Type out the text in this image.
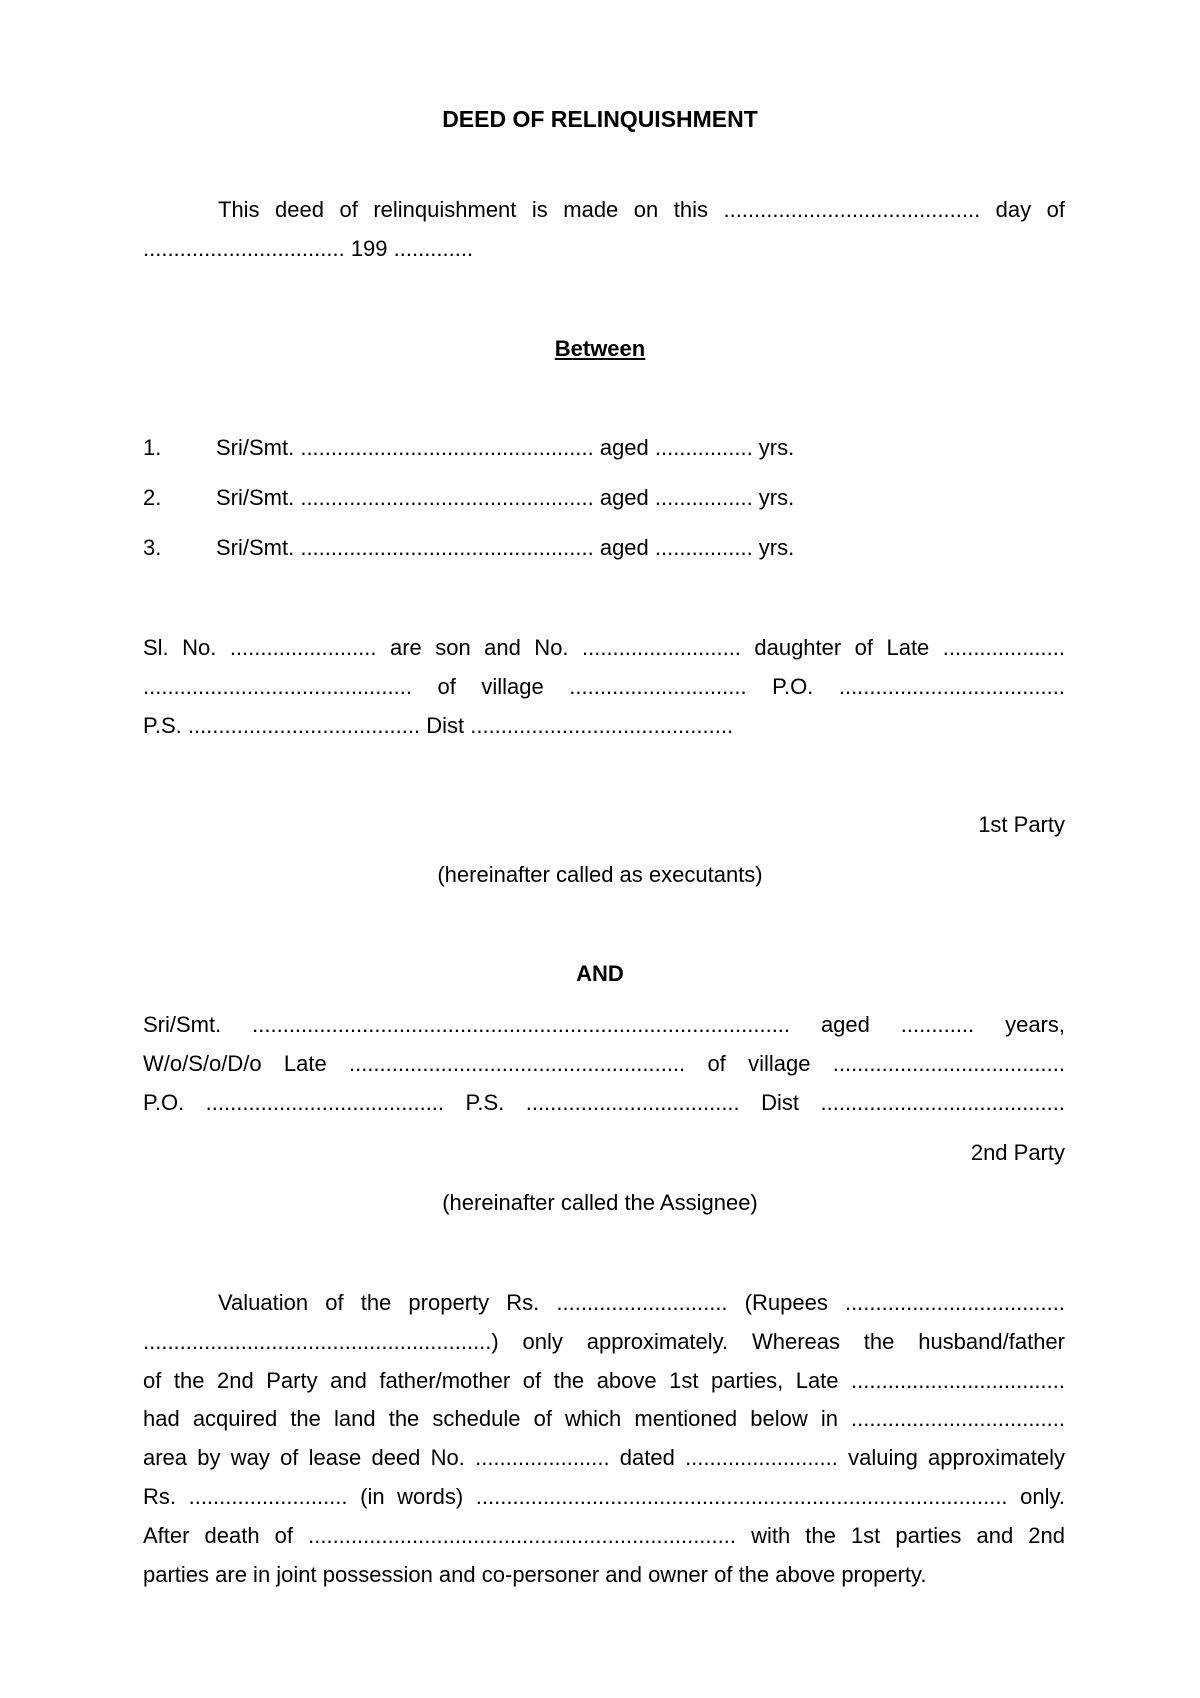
DEED OF RELINQUISHMENT
This deed of relinquishment is made on this .......................................... day of
................................. 199 .............
Between
1. Sri/Smt. ................................................ aged ................ yrs.
2. Sri/Smt. ................................................ aged ................ yrs.
3. Sri/Smt. ................................................ aged ................ yrs.
Sl. No. ........................ are son and No. .......................... daughter of Late ....................
............................................ of village ............................. P.O. .....................................
P.S. ...................................... Dist ...........................................
1st Party
(hereinafter called as executants)
AND
Sri/Smt. ........................................................................................ aged ............ years,
W/o/S/o/D/o Late ....................................................... of village ......................................
P.O. ....................................... P.S. ................................... Dist ........................................
2nd Party
(hereinafter called the Assignee)
Valuation of the property Rs. ............................ (Rupees ....................................
.........................................................) only approximately. Whereas the husband/father
of the 2nd Party and father/mother of the above 1st parties, Late ...................................
had acquired the land the schedule of which mentioned below in ...................................
area by way of lease deed No. ...................... dated ......................... valuing approximately
Rs. .......................... (in words) ....................................................................................... only.
After death of ...................................................................... with the 1st parties and 2nd
parties are in joint possession and co-personer and owner of the above property.
